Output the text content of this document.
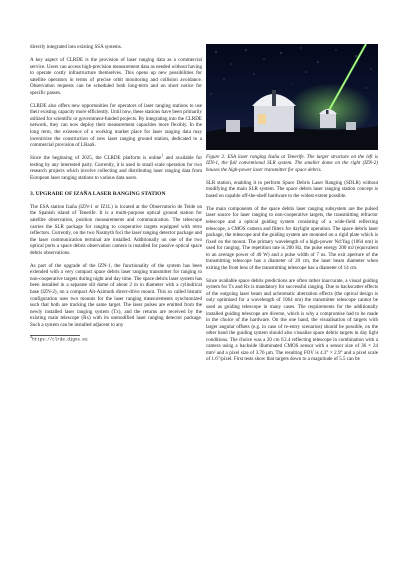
directly integrated into existing SSA systems.

A key aspect of CLRDE is the provision of laser ranging data as a commercial service. Users can access high-precision measurement data as needed without having to operate costly infrastructure themselves. This opens up new possibilities for satellite operators in terms of precise orbit monitoring and collision avoidance. Observation requests can be scheduled both long-term and on short notice for specific passes.

CLRDE also offers new opportunities for operators of laser ranging stations to use their existing capacity more efficiently. Until now, these stations have been primarily utilized for scientific or government-funded projects. By integrating into the CLRDE network, they can now deploy their measurement capacities more flexibly. In the long term, the existence of a working market place for laser ranging data may incentivise the construction of new laser ranging ground station, dedicated to a commercial provision of LRaaS.

Since the beginning of 2025, the CLRDE platform is online$^1$ and available for testing by any interested party. Currently, it is used in small scale operation for two research projects which involve collecting and distributing laser ranging data from European laser ranging stations to various data users.

3. UPGRADE OF IZAÑA LASER RANGING STATION

The ESA station Izaña (IZN-1 or IZ1L) is located at the Observatorio de Teide on the Spanish island of Tenerife. It is a multi-purpose optical ground station for satellite observation, position measurements and communication. The telescope carries the SLR package for ranging to cooperative targets equipped with retro reflectors. Currently, on the two Nasmyth foci the laser ranging detector package and the laser communication terminal are installed. Additionally on one of the two optical ports a space debris observation camera is installed for passive optical space debris observations.

As part of the upgrade of the IZN-1, the functionality of the system has been extended with a very compact space debris laser ranging transmitter for ranging to non-cooperative targets during night and day time. The space debris laser system has been installed in a separate slit dome of about 2 m in diameter with a cylindrical base (IZN-2), on a compact Alt-Azimuth direct-drive mount. This so called bistatic configuration uses two mounts for the laser ranging measurements synchronized such that both are tracking the same target. The laser pulses are emitted from the newly installed laser ranging system (Tx), and the returns are received by the existing main telescope (Rx) with its unmodified laser ranging detector package. Such a system can be installed adjacent to any

$^1$https://clrde.digos.eu

Figure 2. ESA laser ranging Izaña at Tenerife. The larger structure on the left is IZN-1, the full conventional SLR system. The smaller dome on the right (IZN-2) houses the high-power laser transmitter for space debris.

SLR station, enabling it to perform Space Debris Laser Ranging (SDLR) without modifying the main SLR system. The space debris laser ranging station concept is based on capable off-the-shelf hardware to the widest extent possible.

The main components of the space debris laser ranging subsystem are the pulsed laser source for laser ranging to non-cooperative targets, the transmitting refractor telescope and a optical guiding system consisting of a wide-field reflecting telescope, a CMOS camera and filters for daylight operation. The space debris laser package, the telescope and the guiding system are mounted on a rigid plate which is fixed on the mount. The primary wavelength of a high-power Nd:Yag (1064 nm) is used for ranging. The repetition rate is 200 Hz, the pulse energy 200 mJ (equivalent to an average power of 40 W) and a pulse width of 7 ns. The exit aperture of the transmitting telescope has a diameter of 20 cm, the laser beam diameter when exiting the front lens of the transmitting telescope has a diameter of 14 cm.

Since available space debris predictions are often rather inaccurate, a visual guiding system for Tx and Rx is mandatory for successful ranging. Due to backscatter effects of the outgoing laser beam and achromatic aberration effects (the optical design is only optimised for a wavelength of 1064 nm) the transmitter telescope cannot be used as guiding telescope in many cases. The requirements for the additionally installed guiding telescope are diverse, which is why a compromise had to be made in the choice of the hardware. On the one hand, the visualisation of targets with larger angular offsets (e.g. in case of re-entry scenarios) should be possible, on the other hand the guiding system should also visualise space debris targets in day light conditions. The choice was a 20 cm f/2.4 reflecting telescope in combination with a camera using a backside illuminated CMOS sensor with a sensor size of 36 × 24 mm² and a pixel size of 3.76 µm. The resulting FOV is 4.3° × 2.9° and a pixel scale of 1.6″/pixel. First tests show that targets down to a magnitude of 5.5 can be
